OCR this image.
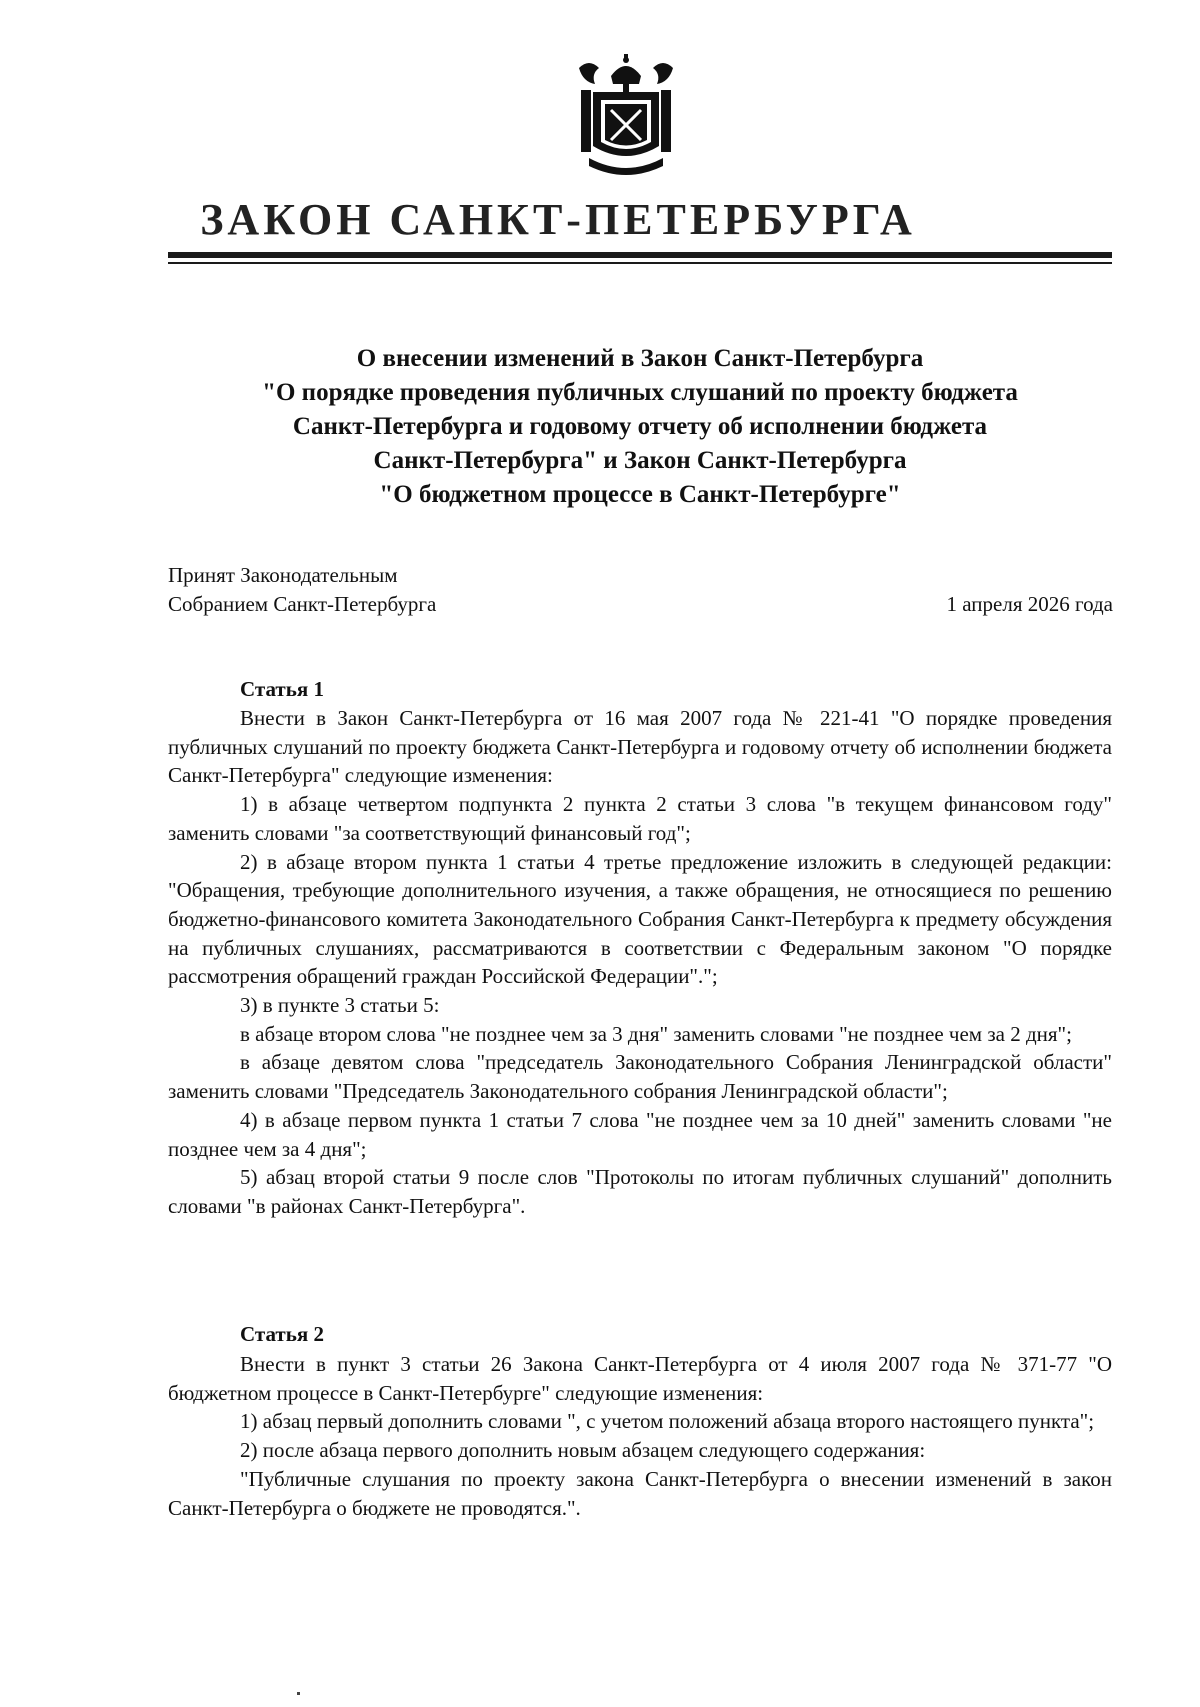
ЗАКОН САНКТ-ПЕТЕРБУРГА
О внесении изменений в Закон Санкт-Петербурга
"О порядке проведения публичных слушаний по проекту бюджета
Санкт-Петербурга и годовому отчету об исполнении бюджета
Санкт-Петербурга" и Закон Санкт-Петербурга
"О бюджетном процессе в Санкт-Петербурге"
Принят Законодательным
Собранием Санкт-Петербурга	1 апреля 2026 года
Статья 1

Внести в Закон Санкт-Петербурга от 16 мая 2007 года № 221-41 "О порядке проведения публичных слушаний по проекту бюджета Санкт-Петербурга и годовому отчету об исполнении бюджета Санкт-Петербурга" следующие изменения:

1) в абзаце четвертом подпункта 2 пункта 2 статьи 3 слова "в текущем финансовом году" заменить словами "за соответствующий финансовый год";

2) в абзаце втором пункта 1 статьи 4 третье предложение изложить в следующей редакции: "Обращения, требующие дополнительного изучения, а также обращения, не относящиеся по решению бюджетно-финансового комитета Законодательного Собрания Санкт-Петербурга к предмету обсуждения на публичных слушаниях, рассматриваются в соответствии с Федеральным законом "О порядке рассмотрения обращений граждан Российской Федерации".";

3) в пункте 3 статьи 5:

в абзаце втором слова "не позднее чем за 3 дня" заменить словами "не позднее чем за 2 дня";

в абзаце девятом слова "председатель Законодательного Собрания Ленинградской области" заменить словами "Председатель Законодательного собрания Ленинградской области";

4) в абзаце первом пункта 1 статьи 7 слова "не позднее чем за 10 дней" заменить словами "не позднее чем за 4 дня";

5) абзац второй статьи 9 после слов "Протоколы по итогам публичных слушаний" дополнить словами "в районах Санкт-Петербурга".

Статья 2

Внести в пункт 3 статьи 26 Закона Санкт-Петербурга от 4 июля 2007 года № 371-77 "О бюджетном процессе в Санкт-Петербурге" следующие изменения:

1) абзац первый дополнить словами ", с учетом положений абзаца второго настоящего пункта";

2) после абзаца первого дополнить новым абзацем следующего содержания:

"Публичные слушания по проекту закона Санкт-Петербурга о внесении изменений в закон Санкт-Петербурга о бюджете не проводятся.".
